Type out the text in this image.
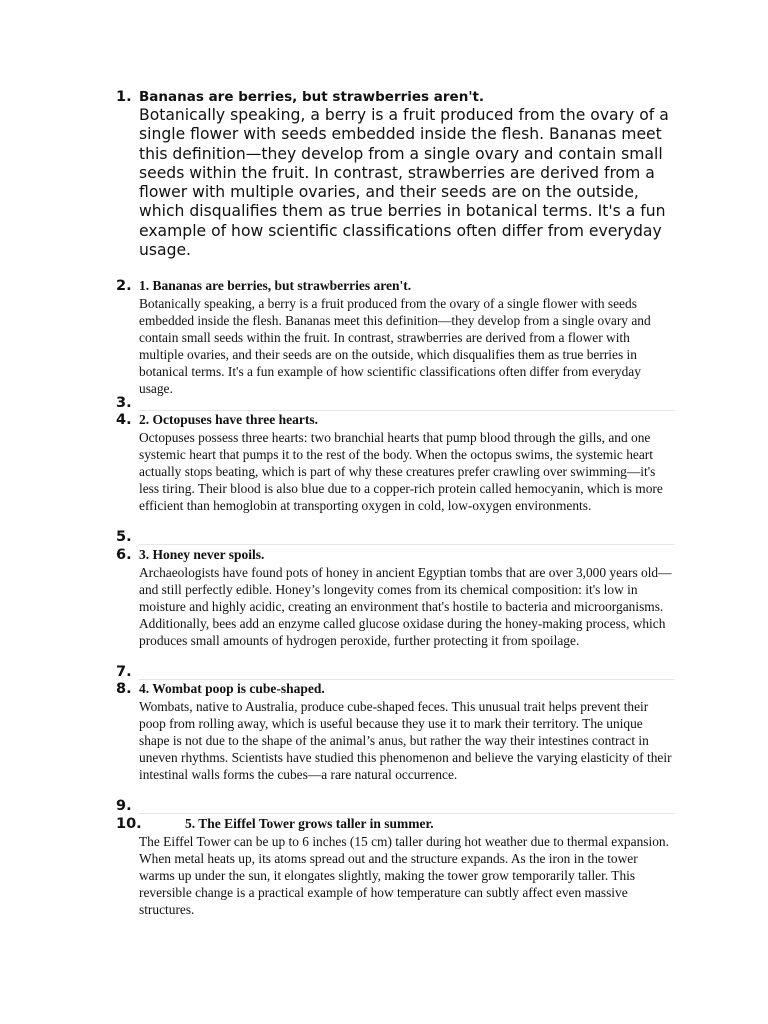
1. Bananas are berries, but strawberries aren't.

Botanically speaking, a berry is a fruit produced from the ovary of a single flower with seeds embedded inside the flesh. Bananas meet this definition—they develop from a single ovary and contain small seeds within the fruit. In contrast, strawberries are derived from a flower with multiple ovaries, and their seeds are on the outside, which disqualifies them as true berries in botanical terms. It's a fun example of how scientific classifications often differ from everyday usage.

2. 1. Bananas are berries, but strawberries aren't.

Botanically speaking, a berry is a fruit produced from the ovary of a single flower with seeds embedded inside the flesh. Bananas meet this definition—they develop from a single ovary and contain small seeds within the fruit. In contrast, strawberries are derived from a flower with multiple ovaries, and their seeds are on the outside, which disqualifies them as true berries in botanical terms. It's a fun example of how scientific classifications often differ from everyday usage.

3.
4. 2. Octopuses have three hearts.

Octopuses possess three hearts: two branchial hearts that pump blood through the gills, and one systemic heart that pumps it to the rest of the body. When the octopus swims, the systemic heart actually stops beating, which is part of why these creatures prefer crawling over swimming—it's less tiring. Their blood is also blue due to a copper-rich protein called hemocyanin, which is more efficient than hemoglobin at transporting oxygen in cold, low-oxygen environments.

5.
6. 3. Honey never spoils.

Archaeologists have found pots of honey in ancient Egyptian tombs that are over 3,000 years old—and still perfectly edible. Honey’s longevity comes from its chemical composition: it's low in moisture and highly acidic, creating an environment that's hostile to bacteria and microorganisms. Additionally, bees add an enzyme called glucose oxidase during the honey-making process, which produces small amounts of hydrogen peroxide, further protecting it from spoilage.

7.
8. 4. Wombat poop is cube-shaped.

Wombats, native to Australia, produce cube-shaped feces. This unusual trait helps prevent their poop from rolling away, which is useful because they use it to mark their territory. The unique shape is not due to the shape of the animal’s anus, but rather the way their intestines contract in uneven rhythms. Scientists have studied this phenomenon and believe the varying elasticity of their intestinal walls forms the cubes—a rare natural occurrence.

9.
10.	5. The Eiffel Tower grows taller in summer.

The Eiffel Tower can be up to 6 inches (15 cm) taller during hot weather due to thermal expansion. When metal heats up, its atoms spread out and the structure expands. As the iron in the tower warms up under the sun, it elongates slightly, making the tower grow temporarily taller. This reversible change is a practical example of how temperature can subtly affect even massive structures.
